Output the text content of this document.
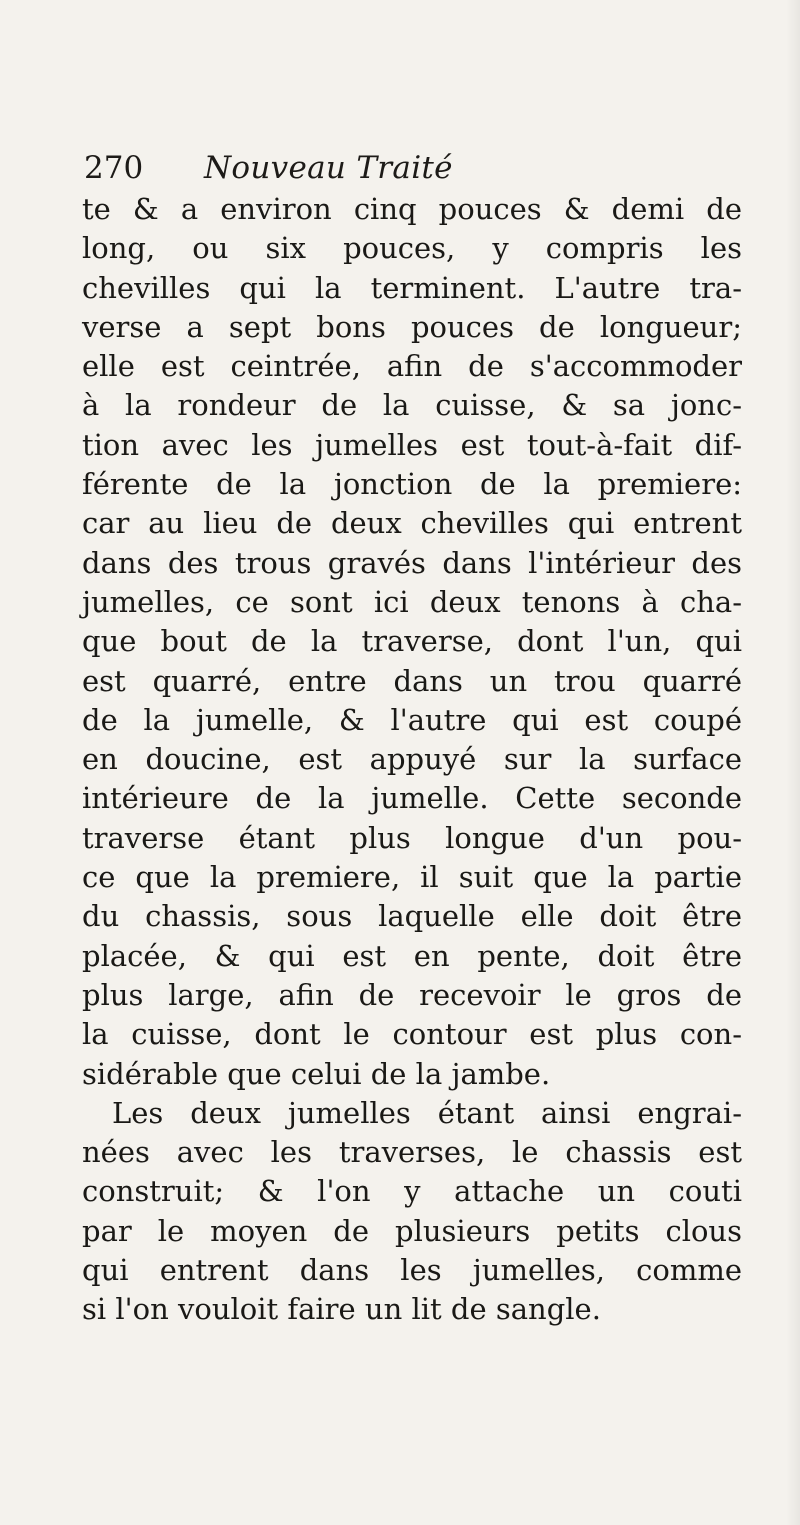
270 Nouveau Traité
te & a environ cinq pouces & demi de
long, ou six pouces, y compris les
chevilles qui la terminent. L'autre tra-
verse a sept bons pouces de longueur;
elle est ceintrée, afin de s'accommoder
à la rondeur de la cuisse, & sa jonc-
tion avec les jumelles est tout-à-fait dif-
férente de la jonction de la premiere:
car au lieu de deux chevilles qui entrent
dans des trous gravés dans l'intérieur des
jumelles, ce sont ici deux tenons à cha-
que bout de la traverse, dont l'un, qui
est quarré, entre dans un trou quarré
de la jumelle, & l'autre qui est coupé
en doucine, est appuyé sur la surface
intérieure de la jumelle. Cette seconde
traverse étant plus longue d'un pou-
ce que la premiere, il suit que la partie
du chassis, sous laquelle elle doit être
placée, & qui est en pente, doit être
plus large, afin de recevoir le gros de
la cuisse, dont le contour est plus con-
sidérable que celui de la jambe.
Les deux jumelles étant ainsi engrai-
nées avec les traverses, le chassis est
construit; & l'on y attache un couti
par le moyen de plusieurs petits clous
qui entrent dans les jumelles, comme
si l'on vouloit faire un lit de sangle.
